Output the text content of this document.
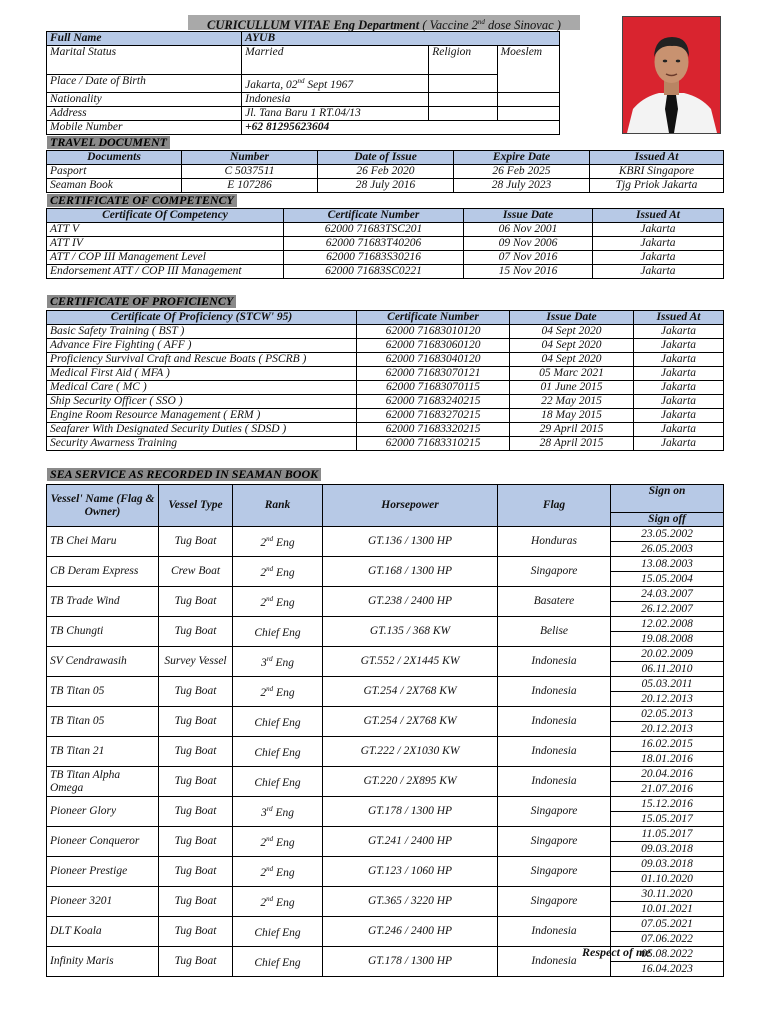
CURICULLUM VITAE Eng Department ( Vaccine 2nd dose Sinovac )
Full Name	AYUB		
Marital Status	Married	Religion	Moeslem
Place / Date of Birth	Jakarta, 02nd Sept 1967		
Nationality	Indonesia		
Address	Jl. Tana Baru 1 RT.04/13		
Mobile Number	+62 81295623604		
TRAVEL DOCUMENT
Documents	Number	Date of Issue	Expire Date	Issued At
Pasport	C 5037511	26 Feb 2020	26 Feb 2025	KBRI Singapore
Seaman Book	E 107286	28 July 2016	28 July 2023	Tjg Priok Jakarta
CERTIFICATE OF COMPETENCY
Certificate Of Competency	Certificate Number	Issue Date	Issued At
ATT V	62000 71683TSC201	06 Nov 2001	Jakarta
ATT IV	62000 71683T40206	09 Nov 2006	Jakarta
ATT / COP III Management Level	62000 71683S30216	07 Nov 2016	Jakarta
Endorsement ATT / COP III Management	62000 71683SC0221	15 Nov 2016	Jakarta
CERTIFICATE OF PROFICIENCY
Certificate Of Proficiency (STCW' 95)	Certificate Number	Issue Date	Issued At
Basic Safety Training ( BST )	62000 71683010120	04 Sept 2020	Jakarta
Advance Fire Fighting ( AFF )	62000 71683060120	04 Sept 2020	Jakarta
Proficiency Survival Craft and Rescue Boats ( PSCRB )	62000 71683040120	04 Sept 2020	Jakarta
Medical First Aid ( MFA )	62000 71683070121	05 Marc 2021	Jakarta
Medical Care ( MC )	62000 71683070115	01 June 2015	Jakarta
Ship Security Officer ( SSO )	62000 71683240215	22 May 2015	Jakarta
Engine Room Resource Management ( ERM )	62000 71683270215	18 May 2015	Jakarta
Seafarer With Designated Security Duties ( SDSD )	62000 71683320215	29 April 2015	Jakarta
Security Awarness Training	62000 71683310215	28 April 2015	Jakarta
SEA SERVICE AS RECORDED IN SEAMAN BOOK
Vessel' Name (Flag & Owner)	Vessel Type	Rank	Horsepower	Flag	Sign on
					Sign off
TB Chei Maru	Tug Boat	2nd Eng	GT.136 / 1300 HP	Honduras	23.05.2002
26.05.2003

CB Deram Express	Crew Boat	2nd Eng	GT.168 / 1300 HP	Singapore	13.08.2003
15.05.2004

TB Trade Wind	Tug Boat	2nd Eng	GT.238 / 2400 HP	Basatere	24.03.2007
26.12.2007

TB Chungti	Tug Boat	Chief Eng	GT.135 / 368 KW	Belise	12.02.2008
19.08.2008

SV Cendrawasih	Survey Vessel	3rd Eng	GT.552 / 2X1445 KW	Indonesia	20.02.2009
06.11.2010

TB Titan 05	Tug Boat	2nd Eng	GT.254 / 2X768 KW	Indonesia	05.03.2011
20.12.2013

TB Titan 05	Tug Boat	Chief Eng	GT.254 / 2X768 KW	Indonesia	02.05.2013
20.12.2013

TB Titan 21	Tug Boat	Chief Eng	GT.222 / 2X1030 KW	Indonesia	16.02.2015
18.01.2016

TB Titan Alpha Omega	Tug Boat	Chief Eng	GT.220 / 2X895 KW	Indonesia	20.04.2016
21.07.2016

Pioneer Glory	Tug Boat	3rd Eng	GT.178 / 1300 HP	Singapore	15.12.2016
15.05.2017

Pioneer Conqueror	Tug Boat	2nd Eng	GT.241 / 2400 HP	Singapore	11.05.2017
09.03.2018

Pioneer Prestige	Tug Boat	2nd Eng	GT.123 / 1060 HP	Singapore	09.03.2018
01.10.2020

Pioneer 3201	Tug Boat	2nd Eng	GT.365 / 3220 HP	Singapore	30.11.2020
10.01.2021

DLT Koala	Tug Boat	Chief Eng	GT.246 / 2400 HP	Indonesia	07.05.2021
07.06.2022

Infinity Maris	Tug Boat	Chief Eng	GT.178 / 1300 HP	Indonesia	05.08.2022
16.04.2023
Respect of me
